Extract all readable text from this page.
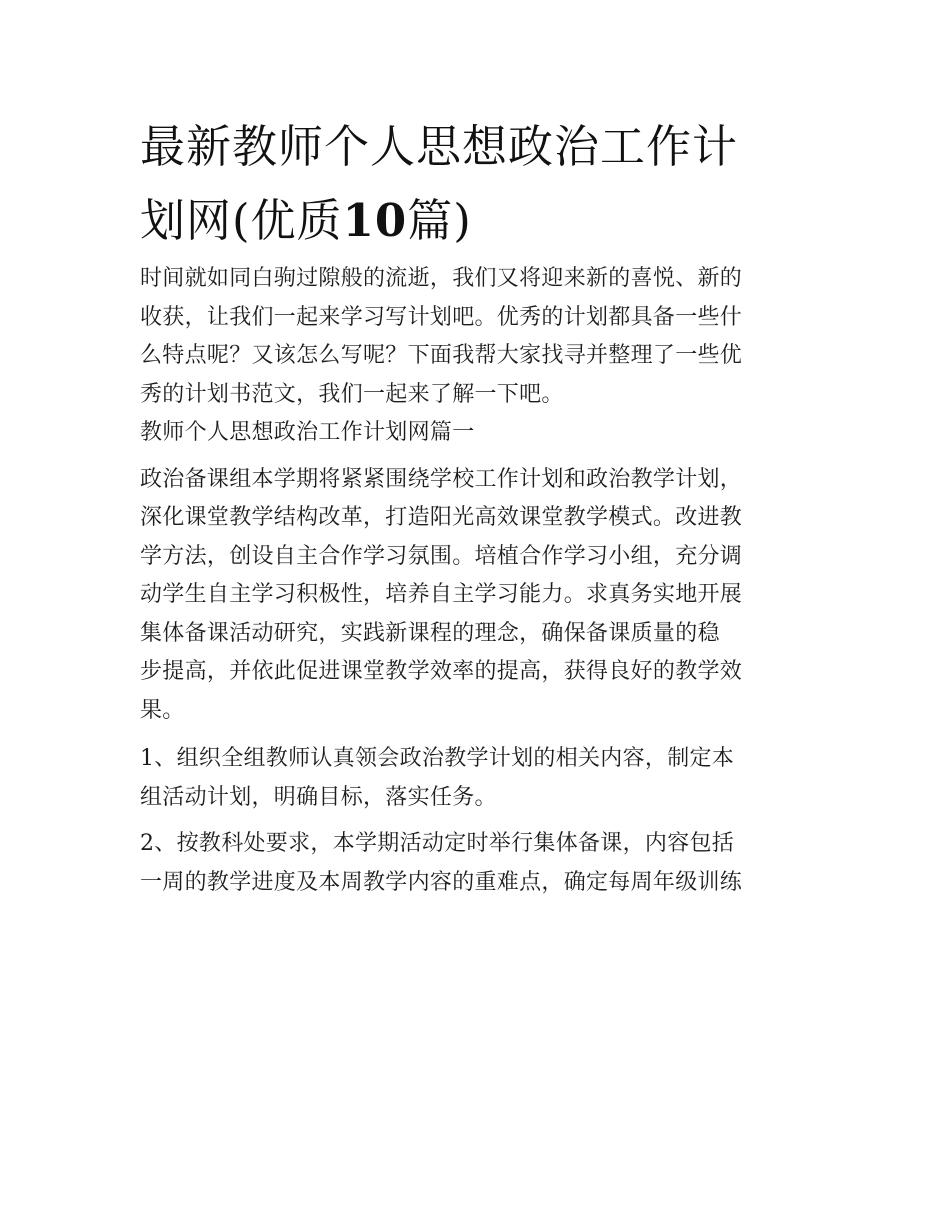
最新教师个人思想政治工作计
划网(优质10篇)

时间就如同白驹过隙般的流逝，我们又将迎来新的喜悦、新的
收获，让我们一起来学习写计划吧。优秀的计划都具备一些什
么特点呢？又该怎么写呢？下面我帮大家找寻并整理了一些优
秀的计划书范文，我们一起来了解一下吧。

教师个人思想政治工作计划网篇一

政治备课组本学期将紧紧围绕学校工作计划和政治教学计划，
深化课堂教学结构改革，打造阳光高效课堂教学模式。改进教
学方法，创设自主合作学习氛围。培植合作学习小组，充分调
动学生自主学习积极性，培养自主学习能力。求真务实地开展
集体备课活动研究，实践新课程的理念，确保备课质量的稳
步提高，并依此促进课堂教学效率的提高，获得良好的教学效
果。

1、组织全组教师认真领会政治教学计划的相关内容，制定本
组活动计划，明确目标，落实任务。

2、按教科处要求，本学期活动定时举行集体备课，内容包括
一周的教学进度及本周教学内容的重难点，确定每周年级训练
